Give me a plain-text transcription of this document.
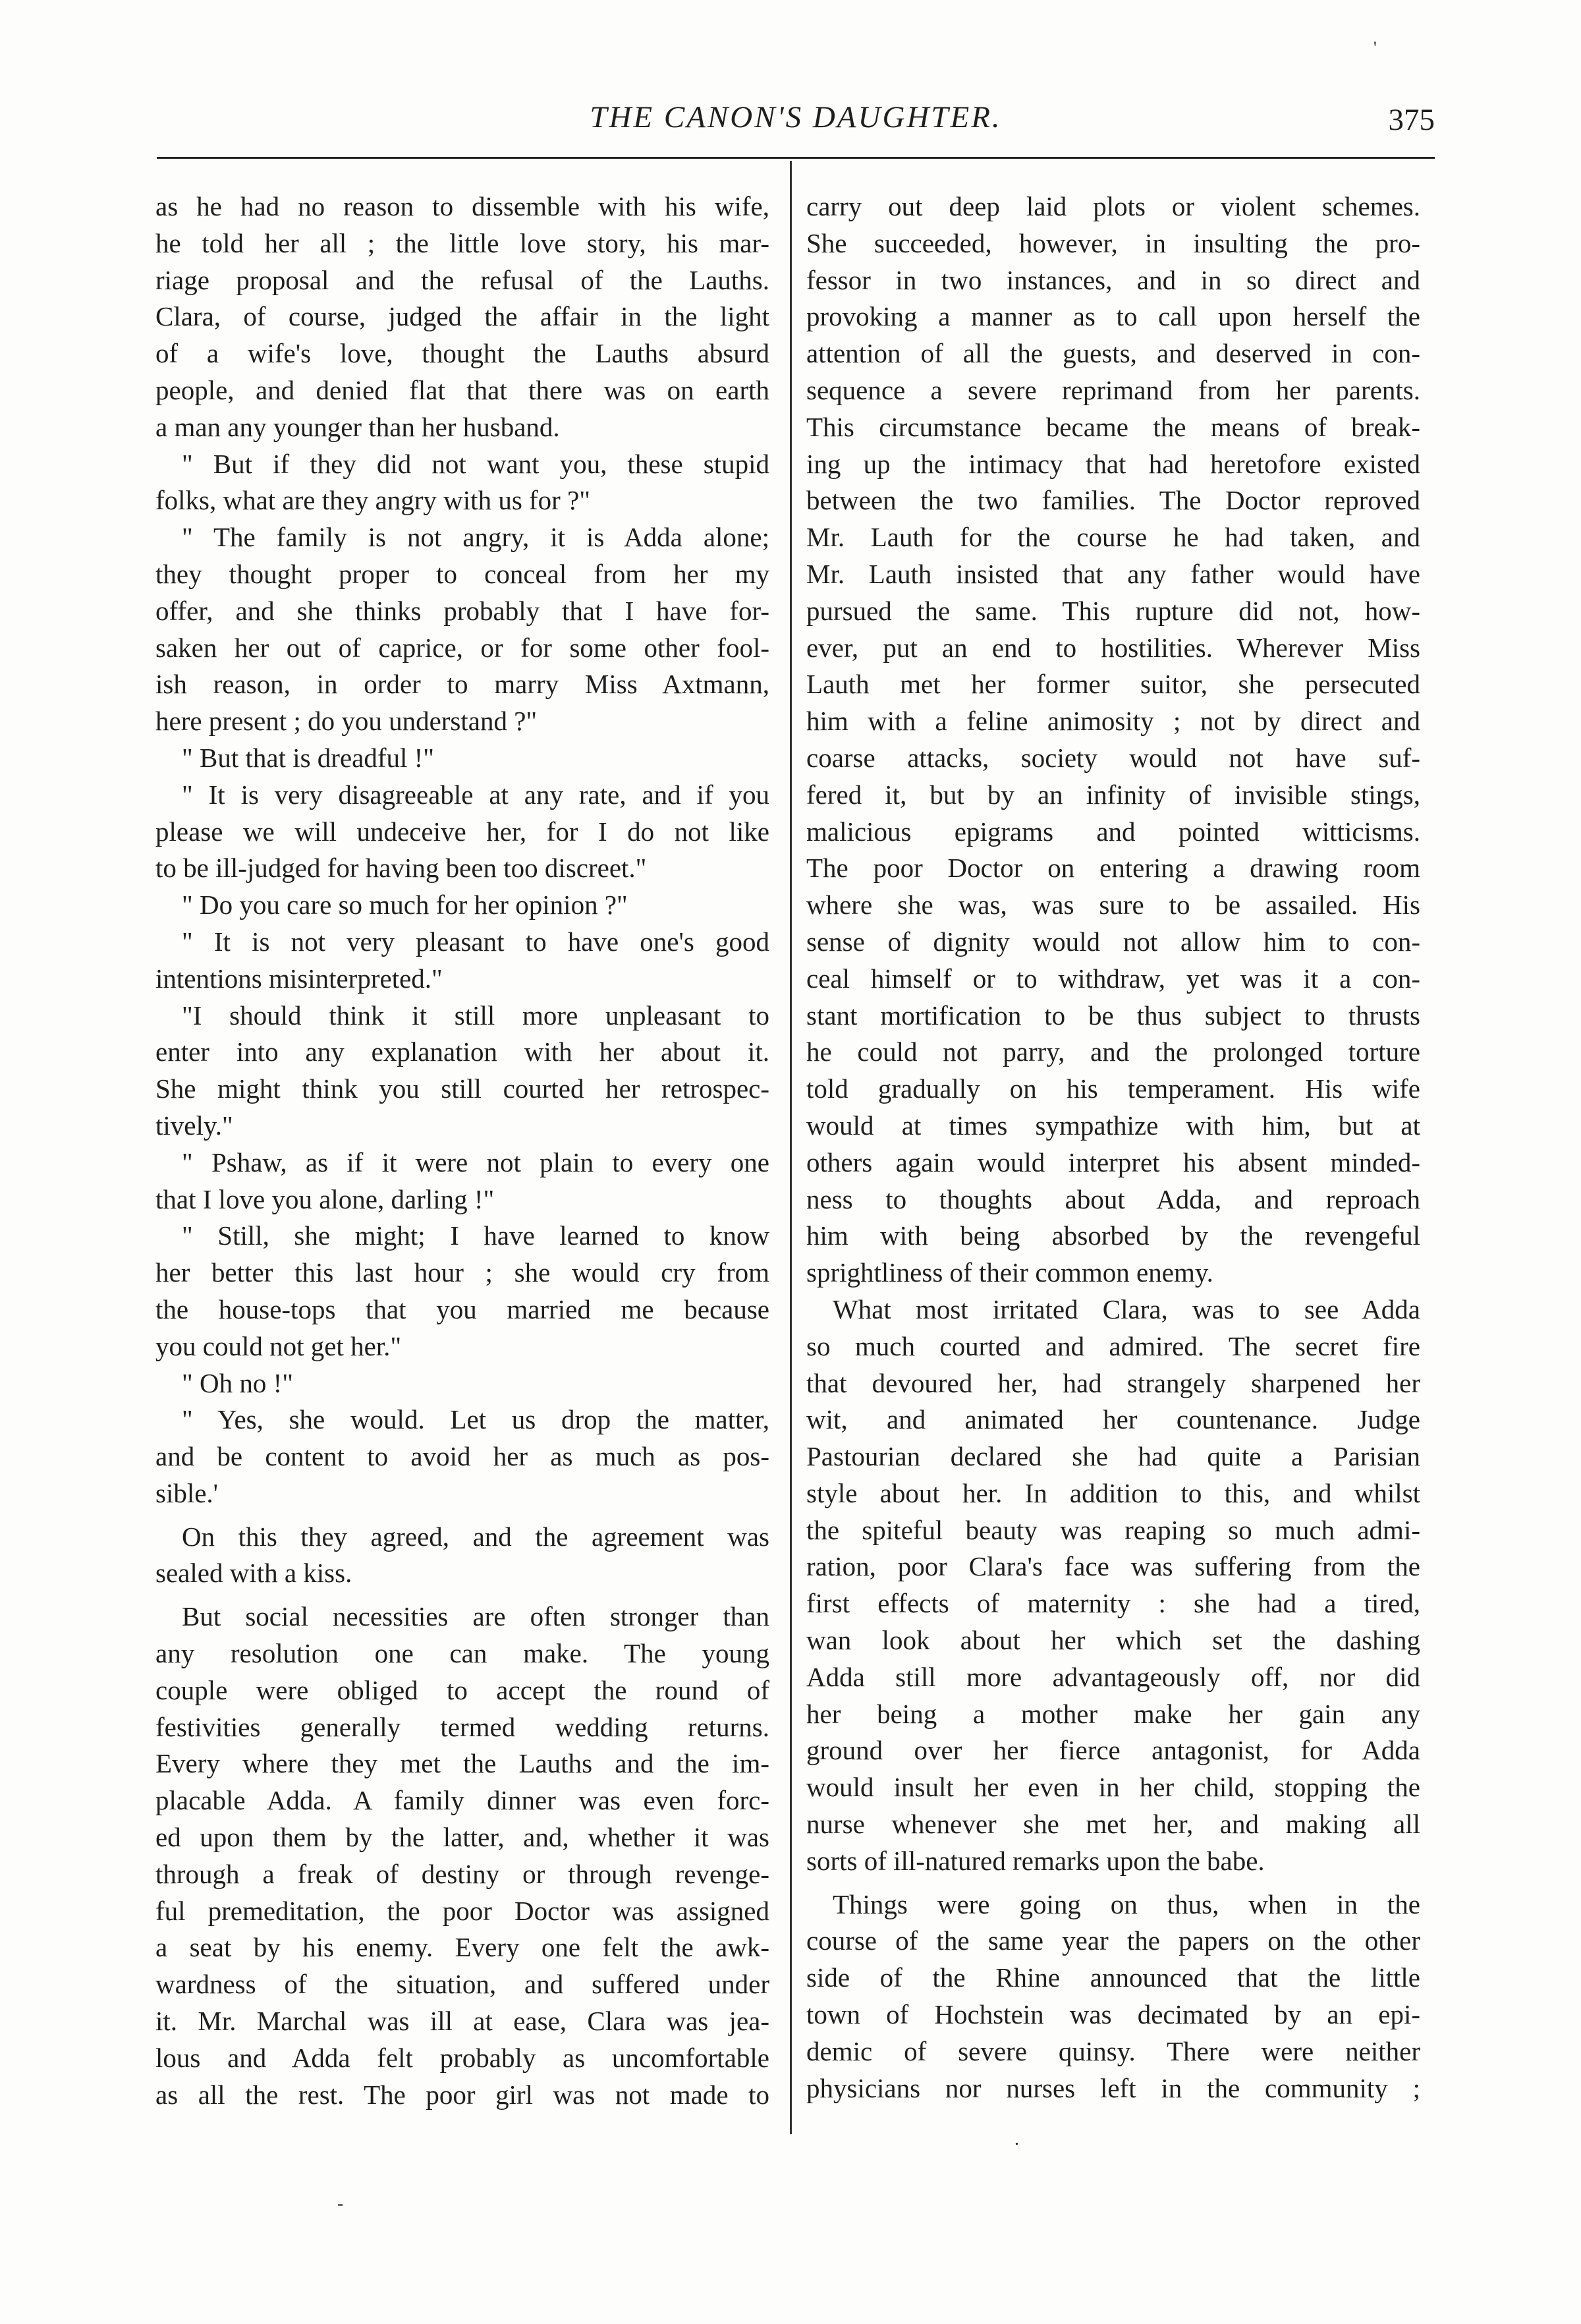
'
THE CANON'S DAUGHTER.	375
as he had no reason to dissemble with his wife,
he told her all ; the little love story, his mar-
riage proposal and the refusal of the Lauths.
Clara, of course, judged the affair in the light
of a wife's love, thought the Lauths absurd
people, and denied flat that there was on earth
a man any younger than her husband.
" But if they did not want you, these stupid
folks, what are they angry with us for ?"
" The family is not angry, it is Adda alone;
they thought proper to conceal from her my
offer, and she thinks probably that I have for-
saken her out of caprice, or for some other fool-
ish reason, in order to marry Miss Axtmann,
here present ; do you understand ?"
" But that is dreadful !"
" It is very disagreeable at any rate, and if you
please we will undeceive her, for I do not like
to be ill-judged for having been too discreet."
" Do you care so much for her opinion ?"
" It is not very pleasant to have one's good
intentions misinterpreted."
"I should think it still more unpleasant to
enter into any explanation with her about it.
She might think you still courted her retrospec-
tively."
" Pshaw, as if it were not plain to every one
that I love you alone, darling !"
" Still, she might; I have learned to know
her better this last hour ; she would cry from
the house-tops that you married me because
you could not get her."
" Oh no !"
" Yes, she would. Let us drop the matter,
and be content to avoid her as much as pos-
sible.'
On this they agreed, and the agreement was
sealed with a kiss.
But social necessities are often stronger than
any resolution one can make. The young
couple were obliged to accept the round of
festivities generally termed wedding returns.
Every where they met the Lauths and the im-
placable Adda. A family dinner was even forc-
ed upon them by the latter, and, whether it was
through a freak of destiny or through revenge-
ful premeditation, the poor Doctor was assigned
a seat by his enemy. Every one felt the awk-
wardness of the situation, and suffered under
it. Mr. Marchal was ill at ease, Clara was jea-
lous and Adda felt probably as uncomfortable
as all the rest. The poor girl was not made to
carry out deep laid plots or violent schemes.
She succeeded, however, in insulting the pro-
fessor in two instances, and in so direct and
provoking a manner as to call upon herself the
attention of all the guests, and deserved in con-
sequence a severe reprimand from her parents.
This circumstance became the means of break-
ing up the intimacy that had heretofore existed
between the two families. The Doctor reproved
Mr. Lauth for the course he had taken, and
Mr. Lauth insisted that any father would have
pursued the same. This rupture did not, how-
ever, put an end to hostilities. Wherever Miss
Lauth met her former suitor, she persecuted
him with a feline animosity ; not by direct and
coarse attacks, society would not have suf-
fered it, but by an infinity of invisible stings,
malicious epigrams and pointed witticisms.
The poor Doctor on entering a drawing room
where she was, was sure to be assailed. His
sense of dignity would not allow him to con-
ceal himself or to withdraw, yet was it a con-
stant mortification to be thus subject to thrusts
he could not parry, and the prolonged torture
told gradually on his temperament. His wife
would at times sympathize with him, but at
others again would interpret his absent minded-
ness to thoughts about Adda, and reproach
him with being absorbed by the revengeful
sprightliness of their common enemy.
What most irritated Clara, was to see Adda
so much courted and admired. The secret fire
that devoured her, had strangely sharpened her
wit, and animated her countenance. Judge
Pastourian declared she had quite a Parisian
style about her. In addition to this, and whilst
the spiteful beauty was reaping so much admi-
ration, poor Clara's face was suffering from the
first effects of maternity : she had a tired,
wan look about her which set the dashing
Adda still more advantageously off, nor did
her being a mother make her gain any
ground over her fierce antagonist, for Adda
would insult her even in her child, stopping the
nurse whenever she met her, and making all
sorts of ill-natured remarks upon the babe.
Things were going on thus, when in the
course of the same year the papers on the other
side of the Rhine announced that the little
town of Hochstein was decimated by an epi-
demic of severe quinsy. There were neither
physicians nor nurses left in the community ;
-
.
